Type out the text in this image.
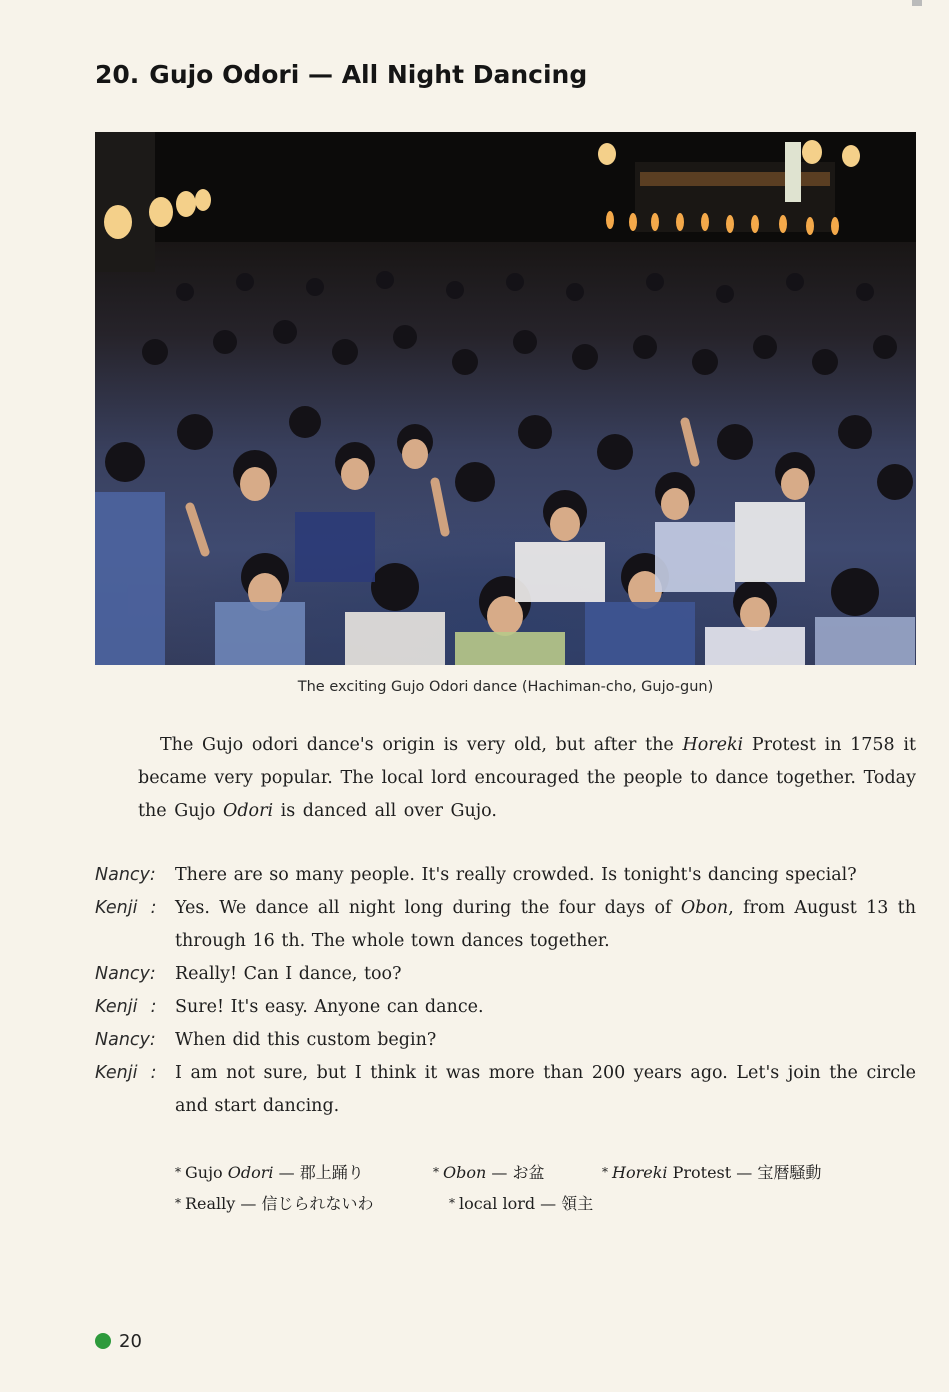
20. Gujo Odori — All Night Dancing
The exciting Gujo Odori dance (Hachiman-cho, Gujo-gun)

The Gujo odori dance's origin is very old, but after the Horeki Protest in 1758 it became very popular. The local lord encouraged the people to dance together. Today the Gujo Odori is danced all over Gujo.

Nancy:	There are so many people. It's really crowded. Is tonight's dancing special?
Kenji  :	Yes. We dance all night long during the four days of Obon, from August 13 th through 16 th. The whole town dances together.
Nancy:	Really! Can I dance, too?
Kenji  :	Sure! It's easy. Anyone can dance.
Nancy:	When did this custom begin?
Kenji  :	I am not sure, but I think it was more than 200 years ago. Let's join the circle and start dancing.
* Gujo Odori — 郡上踊り	* Obon — お盆	* Horeki Protest — 宝暦騒動
* Really — 信じられないわ	* local lord — 領主
20
